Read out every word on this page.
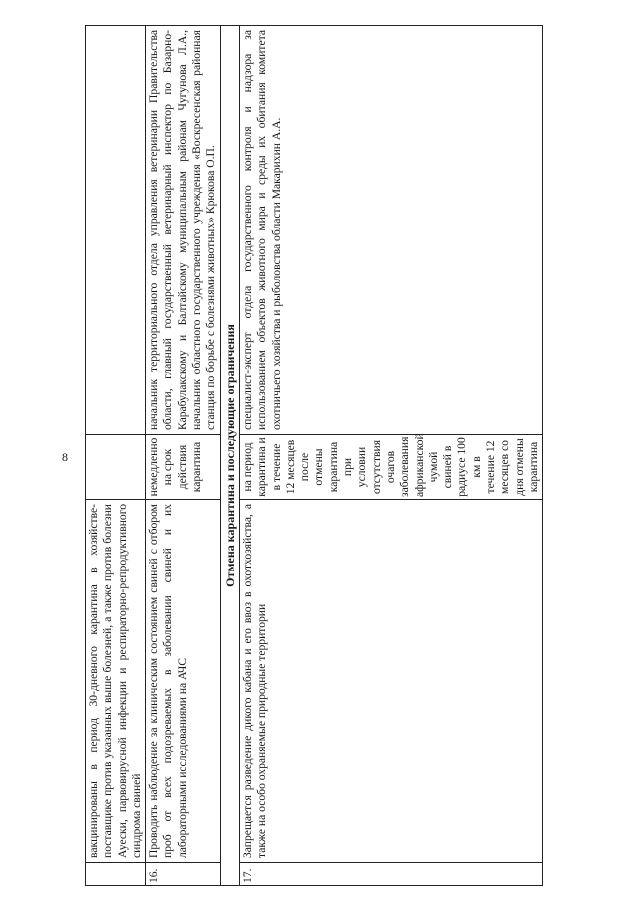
8
	вакцинированы в период 30-дневного карантина в хозяйстве-поставщике против указанных выше болезней, а также против болезни Ауески, парвовирусной инфекции и респираторно-репродуктивного синдрома свиней		
16.	Проводить наблюдение за клиническим состоянием свиней с отбором проб от всех подозреваемых в заболевании свиней и их лабораторными исследованиями на АЧС	немедленно на срок действия карантина	начальник территориального отдела управления ветеринарии Правительства области, главный государственный ветеринарный инспектор по Базарно-Карабулакскому и Балтайскому муниципальным районам Чугунова Л.А., начальник областного государственного учреждения «Воскресенская районная станция по борьбе с болезнями животных» Крюкова О.П.
Отмена карантина и последующие ограничения			
17.	Запрещается разведение дикого кабана и его ввоз в охотхозяйства, а также на особо охраняемые природные территории	на период карантина и в течение 12 месяцев после отмены карантина при условии отсутствия очагов заболевания африканской чумой свиней в радиусе 100 км в течение 12 месяцев со дня отмены карантина	специалист-эксперт отдела государственного контроля и надзора за использованием объектов животного мира и среды их обитания комитета охотничьего хозяйства и рыболовства области Макарихин А.А.
